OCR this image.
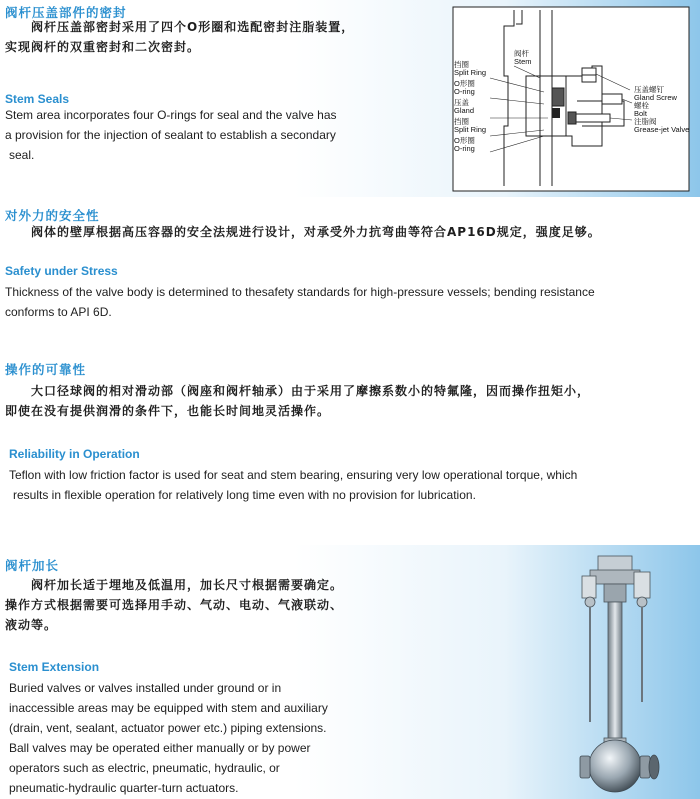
阀杆压盖部件的密封

阀杆压盖部密封采用了四个O形圈和选配密封注脂装置，
实现阀杆的双重密封和二次密封。

Stem Seals

Stem area incorporates four O-rings for seal and the valve has
a provision for the injection of sealant to establish a secondary
seal.

挡圈
Split Ring
O形圈
O-ring
压盖
Gland
挡圈
Split Ring
O形圈
O-ring
阀杆
Stem
压盖螺钉
Gland Screw
螺栓
Bolt
注脂阀
Grease-jet Valve
对外力的安全性

阀体的壁厚根据高压容器的安全法规进行设计，对承受外力抗弯曲等符合AP16D规定，强度足够。

Safety under Stress

Thickness of the valve body is determined to thesafety standards for high-pressure vessels; bending resistance
conforms to API 6D.

操作的可靠性

大口径球阀的相对滑动部（阀座和阀杆轴承）由于采用了摩擦系数小的特氟隆，因而操作扭矩小，
即使在没有提供润滑的条件下，也能长时间地灵活操作。

Reliability in Operation

Teflon with low friction factor is used for seat and stem bearing, ensuring very low operational torque, which
results in flexible operation for relatively long time even with no provision for lubrication.

阀杆加长

阀杆加长适于埋地及低温用，加长尺寸根据需要确定。
操作方式根据需要可选择用手动、气动、电动、气液联动、
液动等。

Stem Extension

Buried valves or valves installed under ground or in
inaccessible areas may be equipped with stem and auxiliary
(drain, vent, sealant, actuator power etc.) piping extensions.
Ball valves may be operated either manually or by power
operators such as electric, pneumatic, hydraulic, or
pneumatic-hydraulic quarter-turn actuators.
